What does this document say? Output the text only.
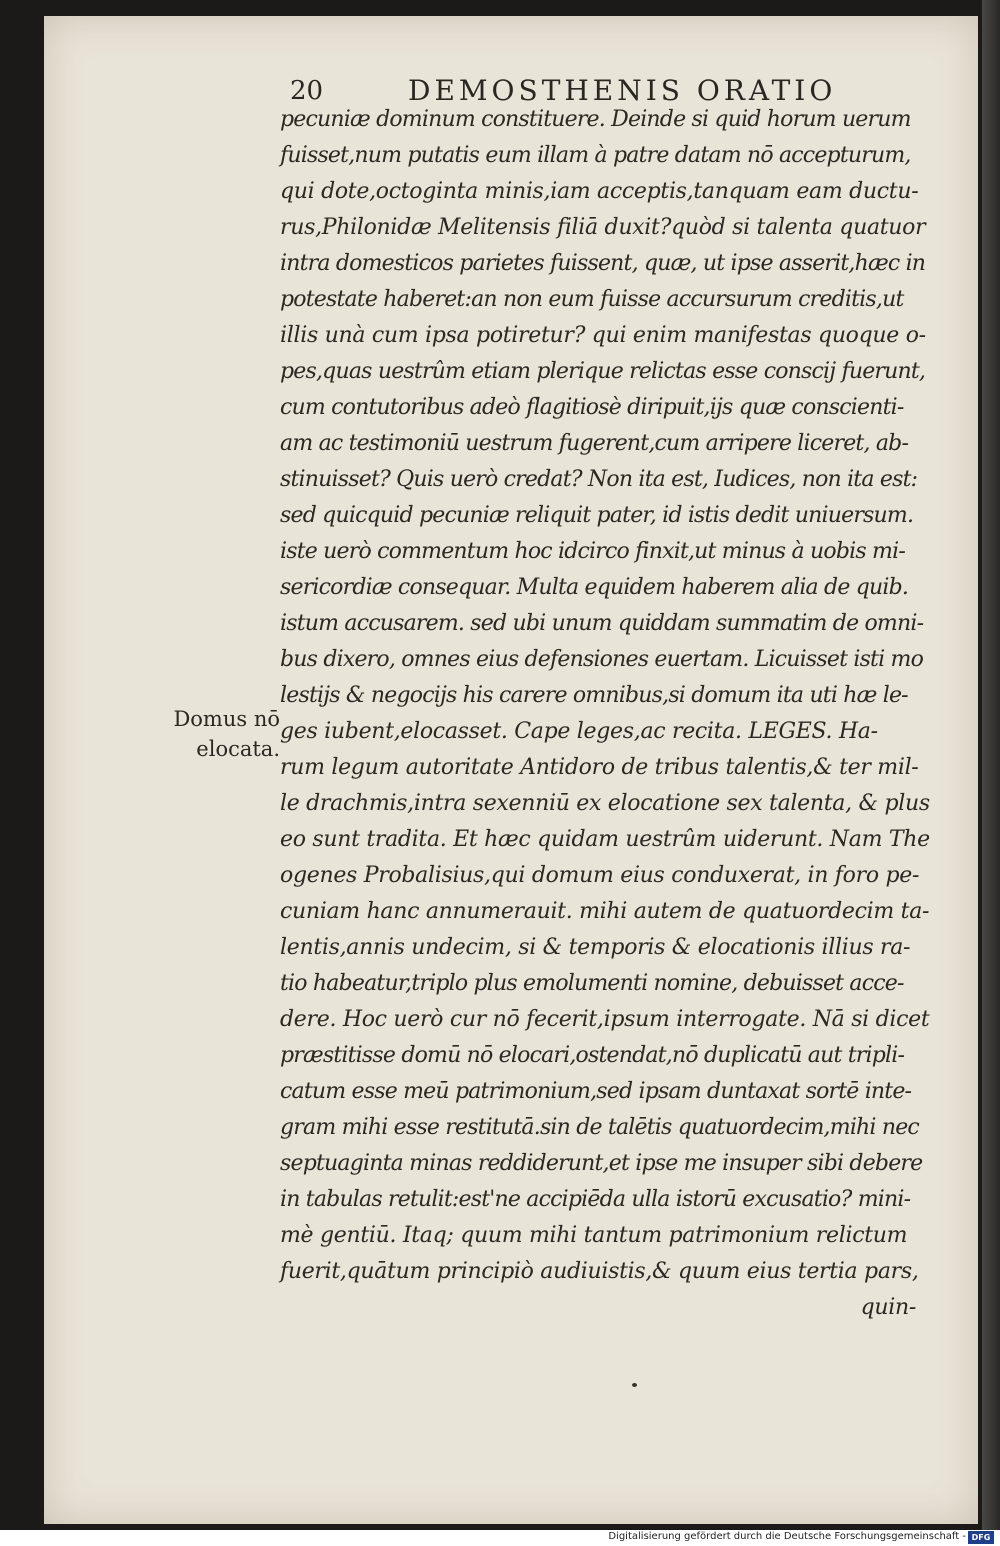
20	DEMOSTHENIS ORATIO
Domus nō
elocata.
pecuniæ dominum constituere. Deinde si quid horum uerum
fuisset,num putatis eum illam à patre datam nō accepturum,
qui dote,octoginta minis,iam acceptis,tanquam eam ductu-
rus,Philonidæ Melitensis filiā duxit?quòd si talenta quatuor
intra domesticos parietes fuissent, quæ, ut ipse asserit,hæc in
potestate haberet:an non eum fuisse accursurum creditis,ut
illis unà cum ipsa potiretur? qui enim manifestas quoque o-
pes,quas uestrûm etiam plerique relictas esse conscij fuerunt,
cum contutoribus adeò flagitiosè diripuit,ijs quæ conscienti-
am ac testimoniū uestrum fugerent,cum arripere liceret, ab-
stinuisset? Quis uerò credat? Non ita est, Iudices, non ita est:
sed quicquid pecuniæ reliquit pater, id istis dedit uniuersum.
iste uerò commentum hoc idcirco finxit,ut minus à uobis mi-
sericordiæ consequar. Multa equidem haberem alia de quib.
istum accusarem. sed ubi unum quiddam summatim de omni-
bus dixero, omnes eius defensiones euertam. Licuisset isti mo
lestijs & negocijs his carere omnibus,si domum ita uti hæ le-
ges iubent,elocasset. Cape leges,ac recita. LEGES. Ha-
rum legum autoritate Antidoro de tribus talentis,& ter mil-
le drachmis,intra sexenniū ex elocatione sex talenta, & plus
eo sunt tradita. Et hæc quidam uestrûm uiderunt. Nam The
ogenes Probalisius,qui domum eius conduxerat, in foro pe-
cuniam hanc annumerauit. mihi autem de quatuordecim ta-
lentis,annis undecim, si & temporis & elocationis illius ra-
tio habeatur,triplo plus emolumenti nomine, debuisset acce-
dere. Hoc uerò cur nō fecerit,ipsum interrogate. Nā si dicet
præstitisse domū nō elocari,ostendat,nō duplicatū aut tripli-
catum esse meū patrimonium,sed ipsam duntaxat sortē inte-
gram mihi esse restitutā.sin de talētis quatuordecim,mihi nec
septuaginta minas reddiderunt,et ipse me insuper sibi debere
in tabulas retulit:est'ne accipiēda ulla istorū excusatio? mini-
mè gentiū. Itaq; quum mihi tantum patrimonium relictum
fuerit,quātum principiò audiuistis,& quum eius tertia pars,
quin-
Digitalisierung gefördert durch die Deutsche Forschungsgemeinschaft - DFG
